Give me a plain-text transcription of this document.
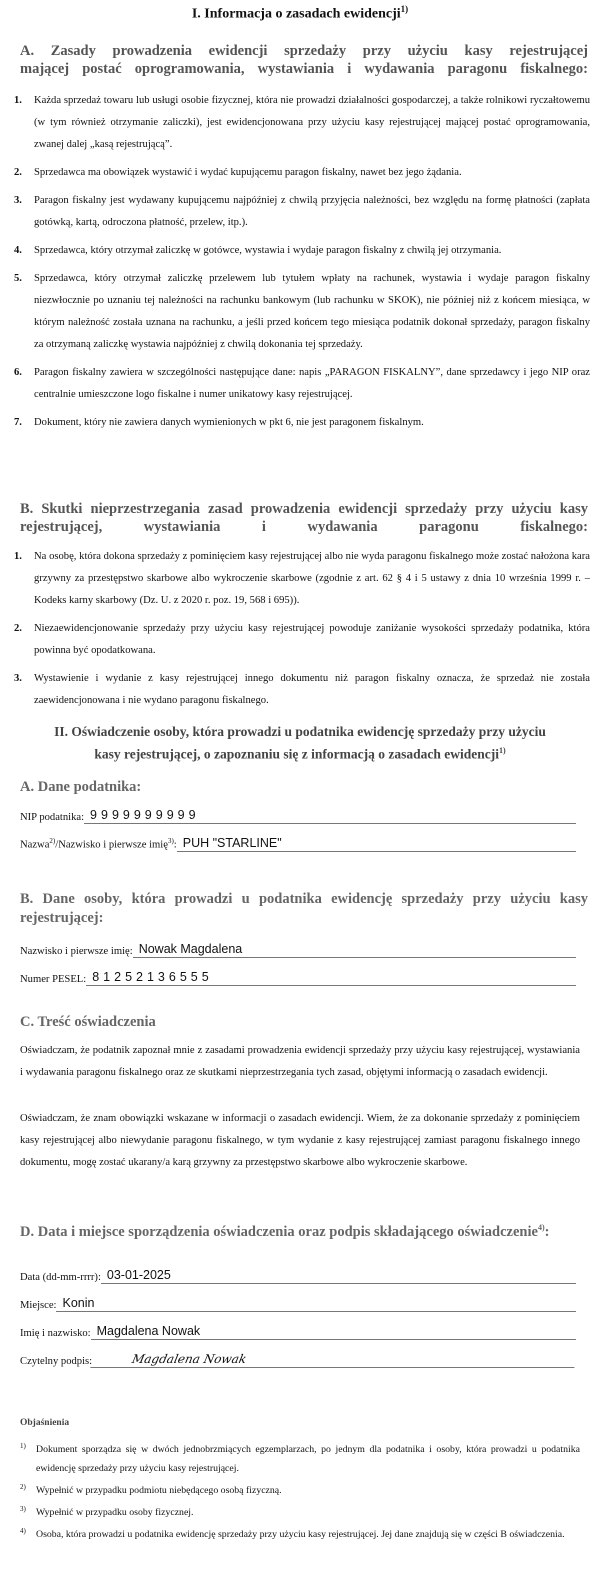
I. Informacja o zasadach ewidencji$^{1)}$
A. Zasady prowadzenia ewidencji sprzedaży przy użyciu kasy rejestrującej
mającej postać oprogramowania, wystawiania i wydawania paragonu fiskalnego:
1. Każda sprzedaż towaru lub usługi osobie fizycznej, która nie prowadzi działalności gospodarczej, a także rolnikowi ryczałtowemu (w tym również otrzymanie zaliczki), jest ewidencjonowana przy użyciu kasy rejestrującej mającej postać oprogramowania, zwanej dalej „kasą rejestrującą”.
2. Sprzedawca ma obowiązek wystawić i wydać kupującemu paragon fiskalny, nawet bez jego żądania.
3. Paragon fiskalny jest wydawany kupującemu najpóźniej z chwilą przyjęcia należności, bez względu na formę płatności (zapłata gotówką, kartą, odroczona płatność, przelew, itp.).
4. Sprzedawca, który otrzymał zaliczkę w gotówce, wystawia i wydaje paragon fiskalny z chwilą jej otrzymania.
5. Sprzedawca, który otrzymał zaliczkę przelewem lub tytułem wpłaty na rachunek, wystawia i wydaje paragon fiskalny niezwłocznie po uznaniu tej należności na rachunku bankowym (lub rachunku w SKOK), nie później niż z końcem miesiąca, w którym należność została uznana na rachunku, a jeśli przed końcem tego miesiąca podatnik dokonał sprzedaży, paragon fiskalny za otrzymaną zaliczkę wystawia najpóźniej z chwilą dokonania tej sprzedaży.
6. Paragon fiskalny zawiera w szczególności następujące dane: napis „PARAGON FISKALNY”, dane sprzedawcy i jego NIP oraz centralnie umieszczone logo fiskalne i numer unikatowy kasy rejestrującej.
7. Dokument, który nie zawiera danych wymienionych w pkt 6, nie jest paragonem fiskalnym.
B. Skutki nieprzestrzegania zasad prowadzenia ewidencji sprzedaży przy użyciu kasy rejestrującej, wystawiania i wydawania paragonu fiskalnego:
1. Na osobę, która dokona sprzedaży z pominięciem kasy rejestrującej albo nie wyda paragonu fiskalnego może zostać nałożona kara grzywny za przestępstwo skarbowe albo wykroczenie skarbowe (zgodnie z art. 62 § 4 i 5 ustawy z dnia 10 września 1999 r. – Kodeks karny skarbowy (Dz. U. z 2020 r. poz. 19, 568 i 695)).
2. Niezaewidencjonowanie sprzedaży przy użyciu kasy rejestrującej powoduje zaniżanie wysokości sprzedaży podatnika, która powinna być opodatkowana.
3. Wystawienie i wydanie z kasy rejestrującej innego dokumentu niż paragon fiskalny oznacza, że sprzedaż nie została zaewidencjonowana i nie wydano paragonu fiskalnego.
II. Oświadczenie osoby, która prowadzi u podatnika ewidencję sprzedaży przy użyciu
kasy rejestrującej, o zapoznaniu się z informacją o zasadach ewidencji$^{1)}$
A. Dane podatnika:
NIP podatnika: 9999999999
Nazwa$^{2)}$/Nazwisko i pierwsze imię$^{3)}$: PUH "STARLINE"
B. Dane osoby, która prowadzi u podatnika ewidencję sprzedaży przy użyciu kasy rejestrującej:
Nazwisko i pierwsze imię: Nowak Magdalena
Numer PESEL: 81252136555
C. Treść oświadczenia

Oświadczam, że podatnik zapoznał mnie z zasadami prowadzenia ewidencji sprzedaży przy użyciu kasy rejestrującej, wystawiania i wydawania paragonu fiskalnego oraz ze skutkami nieprzestrzegania tych zasad, objętymi informacją o zasadach ewidencji.

Oświadczam, że znam obowiązki wskazane w informacji o zasadach ewidencji. Wiem, że za dokonanie sprzedaży z pominięciem kasy rejestrującej albo niewydanie paragonu fiskalnego, w tym wydanie z kasy rejestrującej zamiast paragonu fiskalnego innego dokumentu, mogę zostać ukarany/a karą grzywny za przestępstwo skarbowe albo wykroczenie skarbowe.

D. Data i miejsce sporządzenia oświadczenia oraz podpis składającego oświadczenie$^{4)}$:
Data (dd-mm-rrrr): 03-01-2025
Miejsce: Konin
Imię i nazwisko: Magdalena Nowak
Czytelny podpis:	Magdalena Nowak
Objaśnienia
1) Dokument sporządza się w dwóch jednobrzmiących egzemplarzach, po jednym dla podatnika i osoby, która prowadzi u podatnika ewidencję sprzedaży przy użyciu kasy rejestrującej.
2) Wypełnić w przypadku podmiotu niebędącego osobą fizyczną.
3) Wypełnić w przypadku osoby fizycznej.
4) Osoba, która prowadzi u podatnika ewidencję sprzedaży przy użyciu kasy rejestrującej. Jej dane znajdują się w części B oświadczenia.
